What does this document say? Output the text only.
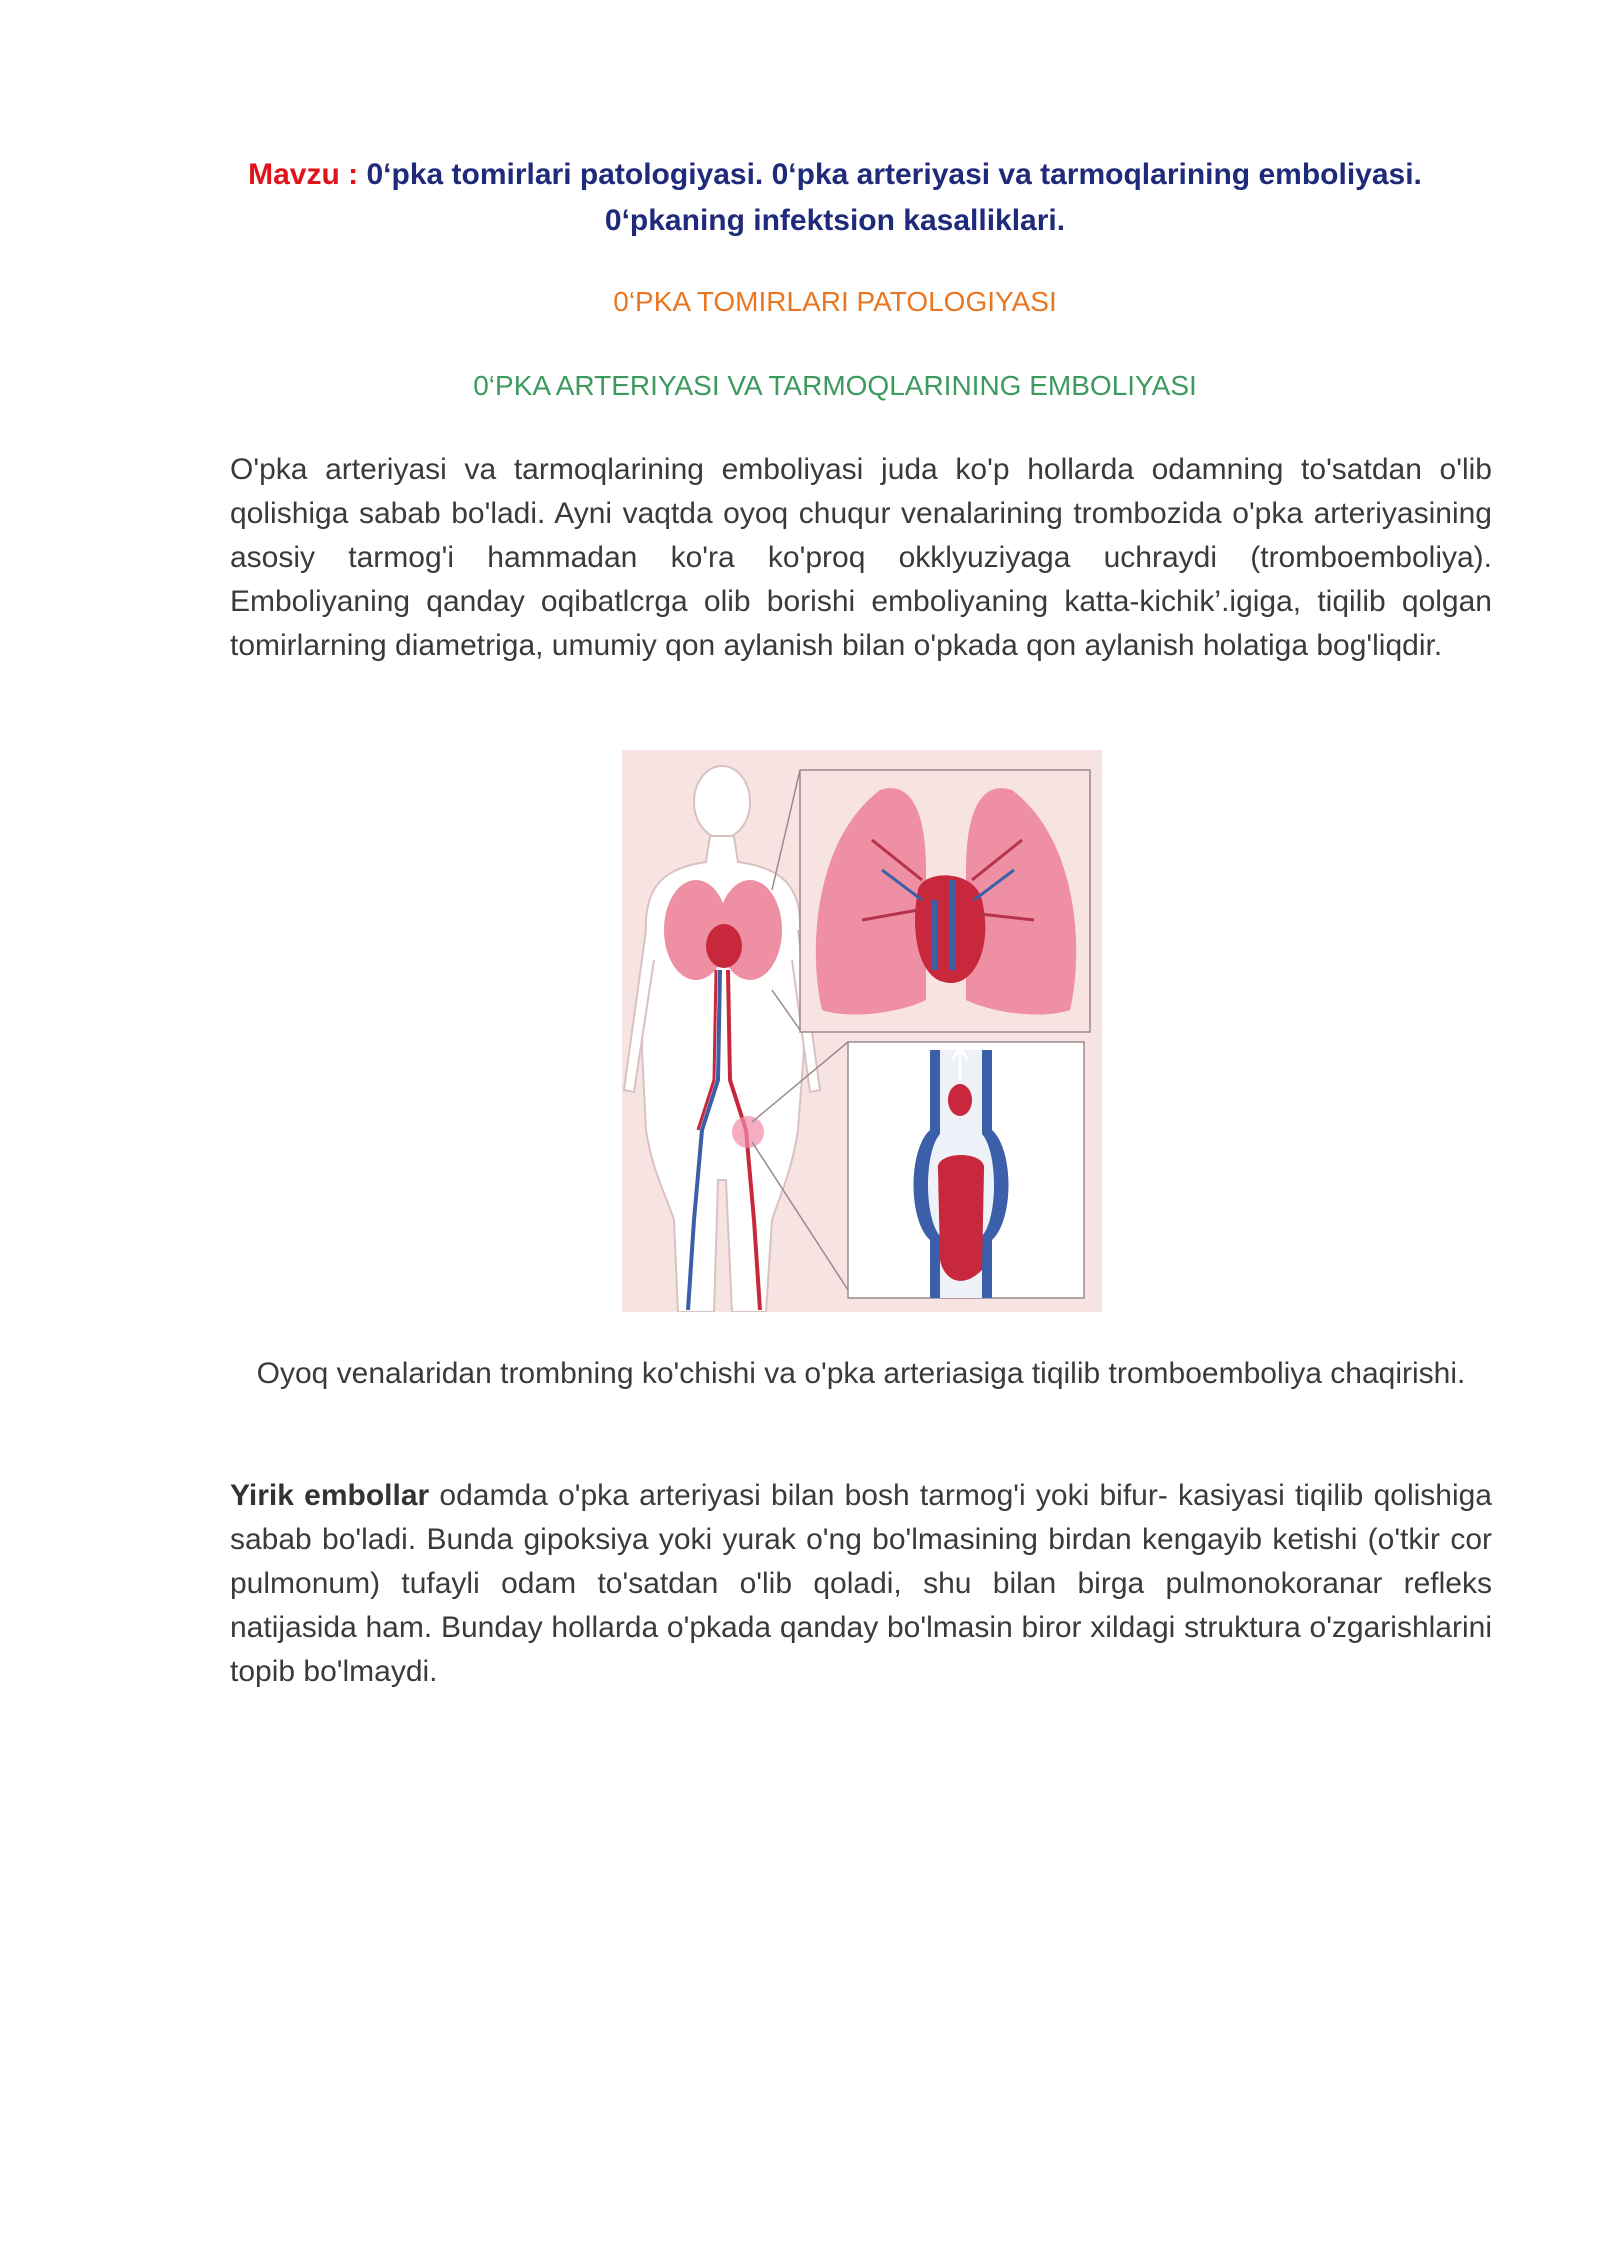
Mavzu : 0‘pka tomirlari patologiyasi. 0‘pka arteriyasi va tarmoqlarining emboliyasi. 0‘pkaning infektsion kasalliklari.
0‘PKA TOMIRLARI PATOLOGIYASI
0‘PKA ARTERIYASI VA TARMOQLARINING EMBOLIYASI

O'pka arteriyasi va tarmoqlarining emboliyasi juda ko'p hollarda odamning to'satdan o'lib qolishiga sabab bo'ladi. Ayni vaqtda oyoq chuqur venalarining trombozida o'pka arteriyasining asosiy tarmog'i hammadan ko'ra ko'proq okklyuziyaga uchraydi (tromboemboliya). Emboliyaning qanday oqibatlcrga olib borishi emboliyaning katta-kichik’.igiga, tiqilib qolgan tomirlarning diametriga, umumiy qon aylanish bilan o'pkada qon aylanish holatiga bog'liqdir.

Oyoq venalaridan trombning ko'chishi va o'pka arteriasiga tiqilib tromboemboliya chaqirishi.

Yirik embollar odamda o'pka arteriyasi bilan bosh tarmog'i yoki bifur- kasiyasi tiqilib qolishiga sabab bo'ladi. Bunda gipoksiya yoki yurak o'ng bo'lmasining birdan kengayib ketishi (o'tkir cor pulmonum) tufayli odam to'satdan o'lib qoladi, shu bilan birga pulmonokoranar refleks natijasida ham. Bunday hollarda o'pkada qanday bo'lmasin biror xildagi struktura o'zgarishlarini topib bo'lmaydi.
